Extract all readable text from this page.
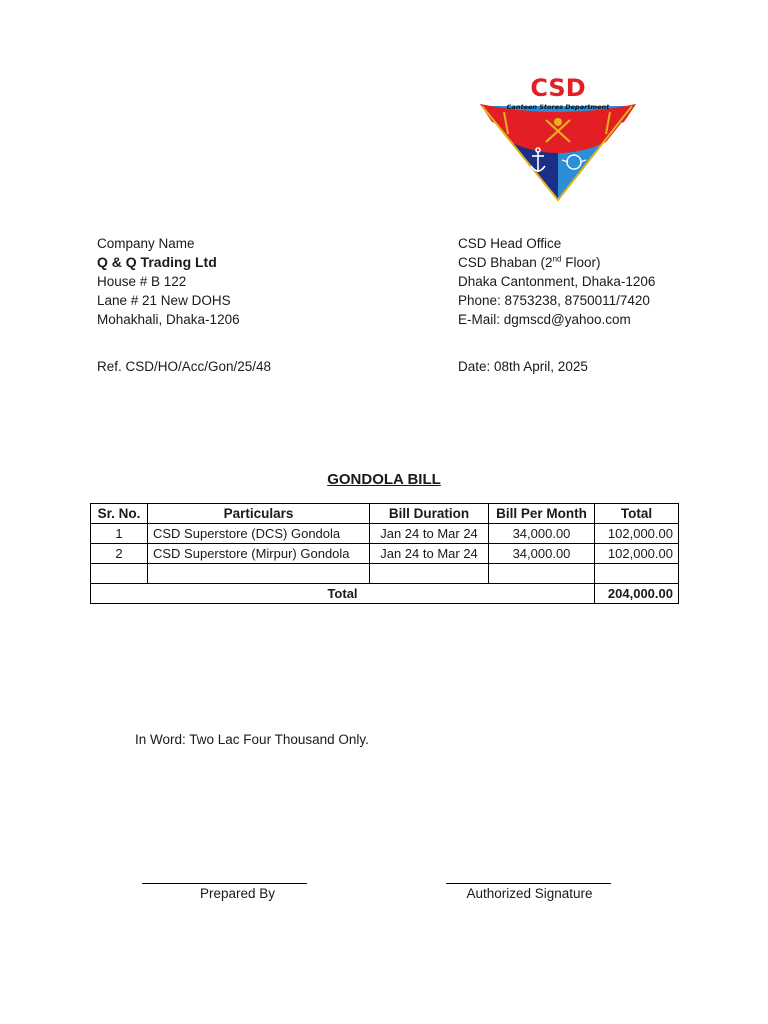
CSD
Canteen Stores Department
Company Name
Q & Q Trading Ltd
House # B 122
Lane # 21 New DOHS
Mohakhali, Dhaka-1206
CSD Head Office
CSD Bhaban (2nd Floor)
Dhaka Cantonment, Dhaka-1206
Phone: 8753238, 8750011/7420
E-Mail: dgmscd@yahoo.com
Ref. CSD/HO/Acc/Gon/25/48	Date: 08th April, 2025
GONDOLA BILL
Sr. No.	Particulars	Bill Duration	Bill Per Month	Total
1	CSD Superstore (DCS) Gondola	Jan 24 to Mar 24	34,000.00	102,000.00
2	CSD Superstore (Mirpur) Gondola	Jan 24 to Mar 24	34,000.00	102,000.00

Total				204,000.00
In Word: Two Lac Four Thousand Only.
Prepared By	Authorized Signature
